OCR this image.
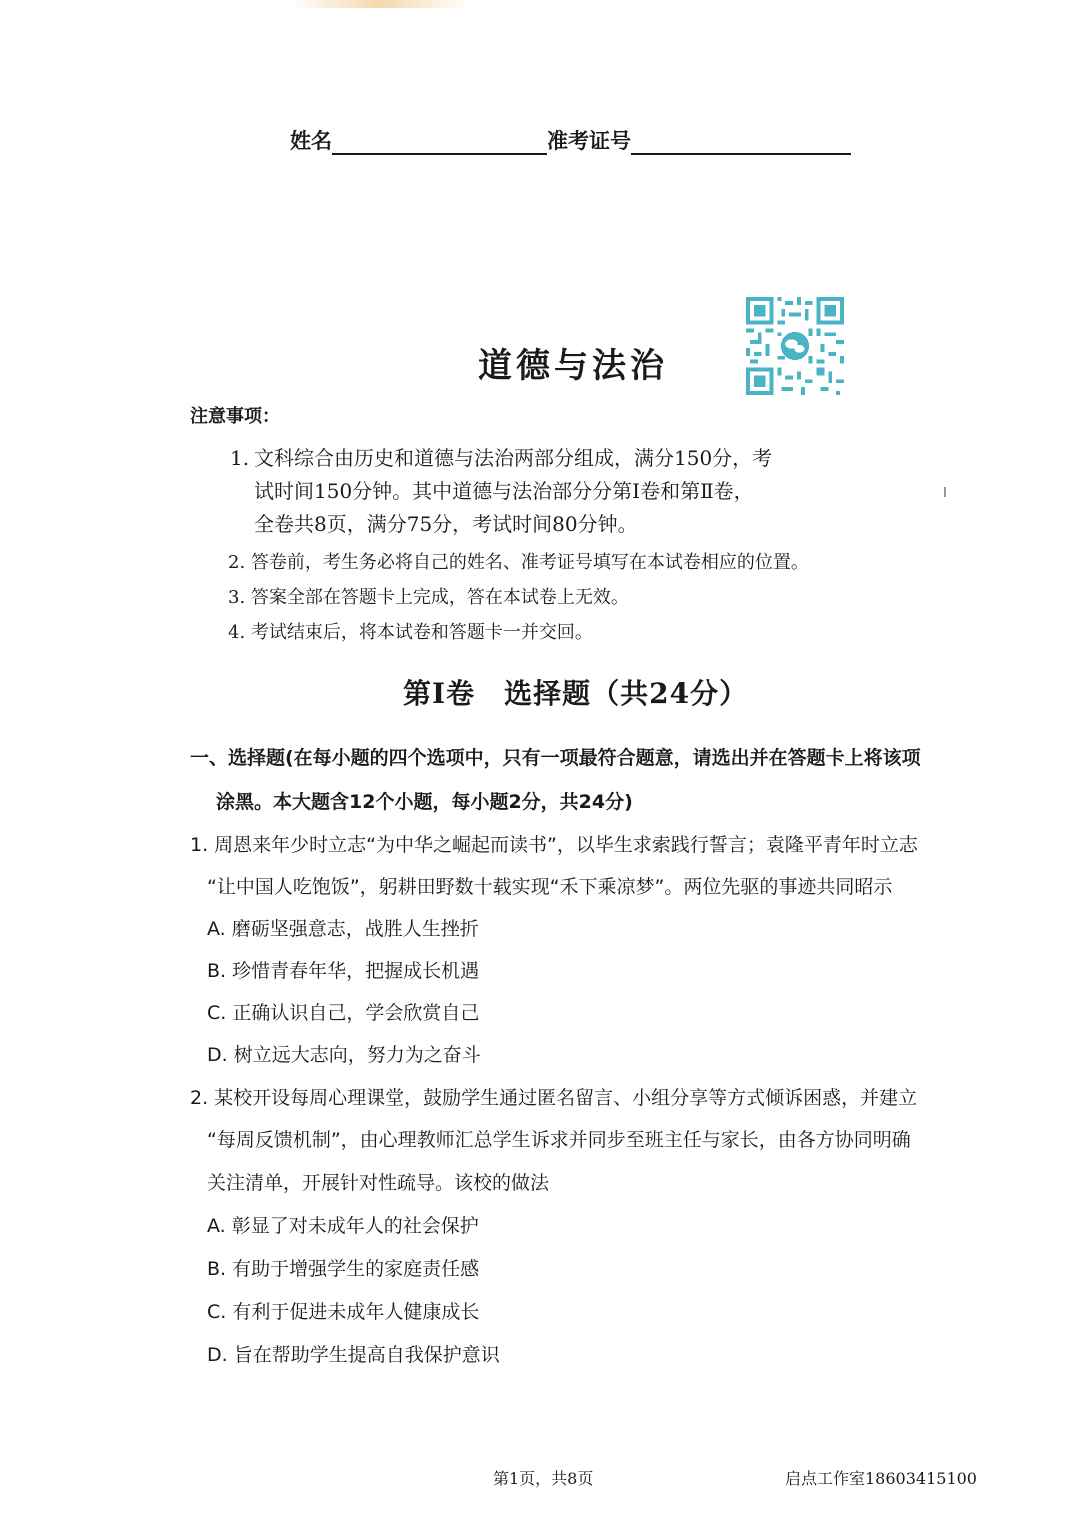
姓名	准考证号
道德与法治
注意事项：
1. 文科综合由历史和道德与法治两部分组成，满分150分，考
试时间150分钟。其中道德与法治部分分第Ⅰ卷和第Ⅱ卷，
全卷共8页，满分75分，考试时间80分钟。
2. 答卷前，考生务必将自己的姓名、准考证号填写在本试卷相应的位置。
3. 答案全部在答题卡上完成，答在本试卷上无效。
4. 考试结束后，将本试卷和答题卡一并交回。
第Ⅰ卷　选择题（共24分）
一、选择题(在每小题的四个选项中，只有一项最符合题意，请选出并在答题卡上将该项
涂黑。本大题含12个小题，每小题2分，共24分)
1. 周恩来年少时立志“为中华之崛起而读书”，以毕生求索践行誓言；袁隆平青年时立志
“让中国人吃饱饭”，躬耕田野数十载实现“禾下乘凉梦”。两位先驱的事迹共同昭示
A. 磨砺坚强意志，战胜人生挫折
B. 珍惜青春年华，把握成长机遇
C. 正确认识自己，学会欣赏自己
D. 树立远大志向，努力为之奋斗
2. 某校开设每周心理课堂，鼓励学生通过匿名留言、小组分享等方式倾诉困惑，并建立
“每周反馈机制”，由心理教师汇总学生诉求并同步至班主任与家长，由各方协同明确
关注清单，开展针对性疏导。该校的做法
A. 彰显了对未成年人的社会保护
B. 有助于增强学生的家庭责任感
C. 有利于促进未成年人健康成长
D. 旨在帮助学生提高自我保护意识
第1页，共8页	启点工作室18603415100
